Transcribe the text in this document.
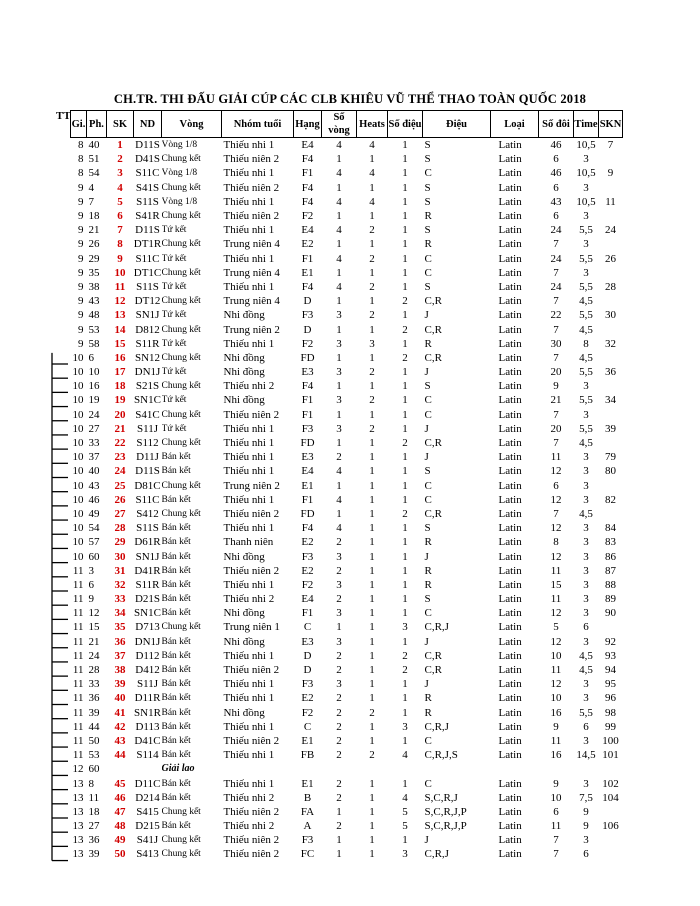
CH.TR. THI ĐẤU GIẢI CÚP CÁC CLB KHIÊU VŨ THỂ THAO TOÀN QUỐC 2018
TT
Gi.	Ph.	SK	ND	Vòng	Nhóm tuổi	Hạng	Số vòng	Heats	Số điệu	Điệu	Loại	Số đôi	Time	SKN
8	40	1	D11S	Vòng 1/8	Thiếu nhi 1	E4	4	4	1	S	Latin	46	10,5	7
8	51	2	D41S	Chung kết	Thiếu niên 2	F4	1	1	1	S	Latin	6	3	
8	54	3	S11C	Vòng 1/8	Thiếu nhi 1	F1	4	4	1	C	Latin	46	10,5	9
9	4	4	S41S	Chung kết	Thiếu niên 2	F4	1	1	1	S	Latin	6	3	
9	7	5	S11S	Vòng 1/8	Thiếu nhi 1	F4	4	4	1	S	Latin	43	10,5	11
9	18	6	S41R	Chung kết	Thiếu niên 2	F2	1	1	1	R	Latin	6	3	
9	21	7	D11S	Tứ kết	Thiếu nhi 1	E4	4	2	1	S	Latin	24	5,5	24
9	26	8	DT1R	Chung kết	Trung niên 4	E2	1	1	1	R	Latin	7	3	
9	29	9	S11C	Tứ kết	Thiếu nhi 1	F1	4	2	1	C	Latin	24	5,5	26
9	35	10	DT1C	Chung kết	Trung niên 4	E1	1	1	1	C	Latin	7	3	
9	38	11	S11S	Tứ kết	Thiếu nhi 1	F4	4	2	1	S	Latin	24	5,5	28
9	43	12	DT12	Chung kết	Trung niên 4	D	1	1	2	C,R	Latin	7	4,5	
9	48	13	SN1J	Tứ kết	Nhi đồng	F3	3	2	1	J	Latin	22	5,5	30
9	53	14	D812	Chung kết	Trung niên 2	D	1	1	2	C,R	Latin	7	4,5	
9	58	15	S11R	Tứ kết	Thiếu nhi 1	F2	3	3	1	R	Latin	30	8	32
10	6	16	SN12	Chung kết	Nhi đồng	FD	1	1	2	C,R	Latin	7	4,5	
10	10	17	DN1J	Tứ kết	Nhi đồng	E3	3	2	1	J	Latin	20	5,5	36
10	16	18	S21S	Chung kết	Thiếu nhi 2	F4	1	1	1	S	Latin	9	3	
10	19	19	SN1C	Tứ kết	Nhi đồng	F1	3	2	1	C	Latin	21	5,5	34
10	24	20	S41C	Chung kết	Thiếu niên 2	F1	1	1	1	C	Latin	7	3	
10	27	21	S11J	Tứ kết	Thiếu nhi 1	F3	3	2	1	J	Latin	20	5,5	39
10	33	22	S112	Chung kết	Thiếu nhi 1	FD	1	1	2	C,R	Latin	7	4,5	
10	37	23	D11J	Bán kết	Thiếu nhi 1	E3	2	1	1	J	Latin	11	3	79
10	40	24	D11S	Bán kết	Thiếu nhi 1	E4	4	1	1	S	Latin	12	3	80
10	43	25	D81C	Chung kết	Trung niên 2	E1	1	1	1	C	Latin	6	3	
10	46	26	S11C	Bán kết	Thiếu nhi 1	F1	4	1	1	C	Latin	12	3	82
10	49	27	S412	Chung kết	Thiếu niên 2	FD	1	1	2	C,R	Latin	7	4,5	
10	54	28	S11S	Bán kết	Thiếu nhi 1	F4	4	1	1	S	Latin	12	3	84
10	57	29	D61R	Bán kết	Thanh niên	E2	2	1	1	R	Latin	8	3	83
10	60	30	SN1J	Bán kết	Nhi đồng	F3	3	1	1	J	Latin	12	3	86
11	3	31	D41R	Bán kết	Thiếu niên 2	E2	2	1	1	R	Latin	11	3	87
11	6	32	S11R	Bán kết	Thiếu nhi 1	F2	3	1	1	R	Latin	15	3	88
11	9	33	D21S	Bán kết	Thiếu nhi 2	E4	2	1	1	S	Latin	11	3	89
11	12	34	SN1C	Bán kết	Nhi đồng	F1	3	1	1	C	Latin	12	3	90
11	15	35	D713	Chung kết	Trung niên 1	C	1	1	3	C,R,J	Latin	5	6	
11	21	36	DN1J	Bán kết	Nhi đồng	E3	3	1	1	J	Latin	12	3	92
11	24	37	D112	Bán kết	Thiếu nhi 1	D	2	1	2	C,R	Latin	10	4,5	93
11	28	38	D412	Bán kết	Thiếu niên 2	D	2	1	2	C,R	Latin	11	4,5	94
11	33	39	S11J	Bán kết	Thiếu nhi 1	F3	3	1	1	J	Latin	12	3	95
11	36	40	D11R	Bán kết	Thiếu nhi 1	E2	2	1	1	R	Latin	10	3	96
11	39	41	SN1R	Bán kết	Nhi đồng	F2	2	2	1	R	Latin	16	5,5	98
11	44	42	D113	Bán kết	Thiếu nhi 1	C	2	1	3	C,R,J	Latin	9	6	99
11	50	43	D41C	Bán kết	Thiếu niên 2	E1	2	1	1	C	Latin	11	3	100
11	53	44	S114	Bán kết	Thiếu nhi 1	FB	2	2	4	C,R,J,S	Latin	16	14,5	101
12	60			Giải lao										
13	8	45	D11C	Bán kết	Thiếu nhi 1	E1	2	1	1	C	Latin	9	3	102
13	11	46	D214	Bán kết	Thiếu nhi 2	B	2	1	4	S,C,R,J	Latin	10	7,5	104
13	18	47	S415	Chung kết	Thiếu niên 2	FA	1	1	5	S,C,R,J,P	Latin	6	9	
13	27	48	D215	Bán kết	Thiếu nhi 2	A	2	1	5	S,C,R,J,P	Latin	11	9	106
13	36	49	S41J	Chung kết	Thiếu niên 2	F3	1	1	1	J	Latin	7	3	
13	39	50	S413	Chung kết	Thiếu niên 2	FC	1	1	3	C,R,J	Latin	7	6	
